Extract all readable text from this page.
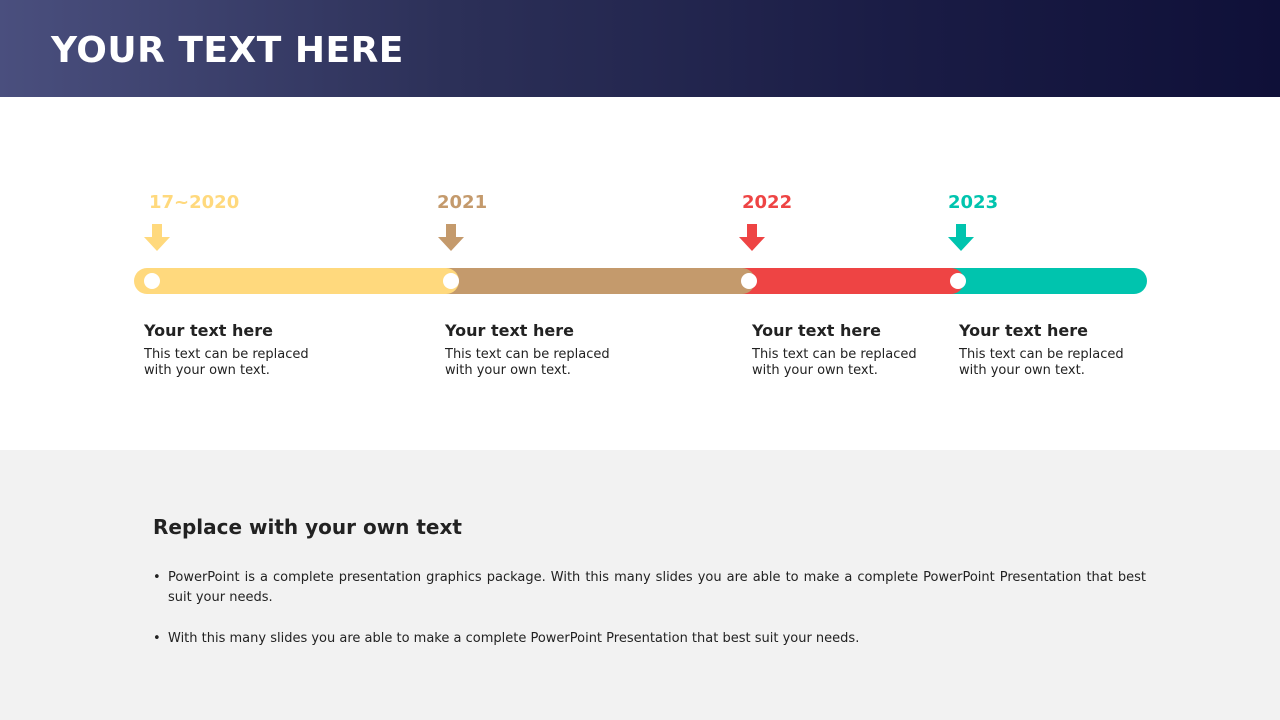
YOUR TEXT HERE
17~2020
Your text here
This text can be replaced with your own text.
2021
Your text here
This text can be replaced with your own text.
2022
Your text here
This text can be replaced with your own text.
2023
Your text here
This text can be replaced with your own text.
Replace with your own text
• PowerPoint is a complete presentation graphics package. With this many slides you are able to make a complete PowerPoint Presentation that best suit your needs.
• With this many slides you are able to make a complete PowerPoint Presentation that best suit your needs.
